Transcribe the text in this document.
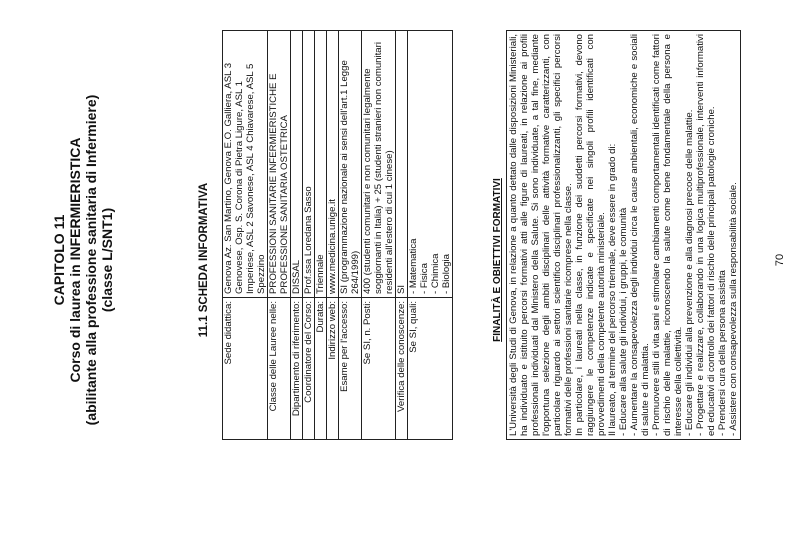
CAPITOLO 11 Corso di laurea in INFERMIERISTICA (abilitante alla professione sanitaria di Infermiere) (classe L/SNT1)	11.1 SCHEDA INFORMATIVA Sede didattica:	Genova Az. San Martino, Genova E.O. Galliera, ASL 3 Genovese, Osp. S. Corona di Pietra Ligure, ASL 1 Imperiese, ASL 2 Savonese, ASL 4 Chiavarese, ASL 5 Spezzino
Classe delle Lauree nelle:	PROFESSIONI SANITARIE INFERMIERISTICHE E PROFESSIONE SANITARIA OSTETRICA
Dipartimento di riferimento:	DISSAL
Coordinatore del Corso:	Prof.ssa Loredana Sasso
Durata:	Triennale
Indirizzo web:	www.medicina.unige.it
Esame per l'accesso:	SI (programmazione nazionale ai sensi dell'art.1 Legge 264/1999)
Se SI, n. Posti:	400 (studenti comunitari e non comunitari legalmente soggiornanti in Italia) + 25 (studenti stranieri non comunitari residenti all'estero di cui 1 cinese)
Verifica delle conoscenze:	SI
Se SI, quali:	- Matematica
- Fisica
- Chimica
- Biologia	FINALITÀ E OBIETTIVI FORMATIVI L'Università degli Studi di Genova, in relazione a quanto dettato dalle disposizioni Ministeriali, ha individuato e istituito percorsi formativi atti alle figure di laureati, in relazione ai profili professionali individuati dal Ministero della Salute. Si sono individuate, a tal fine, mediante l'opportuna selezione degli ambiti disciplinari delle attività formative caratterizzanti, con particolare riguardo ai settori scientifico disciplinari professionalizzanti, gli specifici percorsi formativi delle professioni sanitarie ricomprese nella classe. In particolare, i laureati nella classe, in funzione dei suddetti percorsi formativi, devono raggiungere le competenze indicate e specificate nei singoli profili identificati con provvedimenti della competente autorità ministeriale. Il laureato, al termine del percorso triennale, deve essere in grado di: - Educare alla salute gli individui, i gruppi, le comunità - Aumentare la consapevolezza degli individui circa le cause ambientali, economiche e sociali di salute e di malattia. - Promuovere stili di vita sani e stimolare cambiamenti comportamentali identificati come fattori di rischio delle malattie, riconoscendo la salute come bene fondamentale della persona e interesse della collettività. - Educare gli individui alla prevenzione e alla diagnosi precoce delle malattie. - Progettare e realizzare, collaborando in una logica multiprofessionale, interventi informativi ed educativi di controllo dei fattori di rischio delle principali patologie croniche. - Prendersi cura della persona assistita - Assistere con consapevolezza sulla responsabilità sociale.	70
